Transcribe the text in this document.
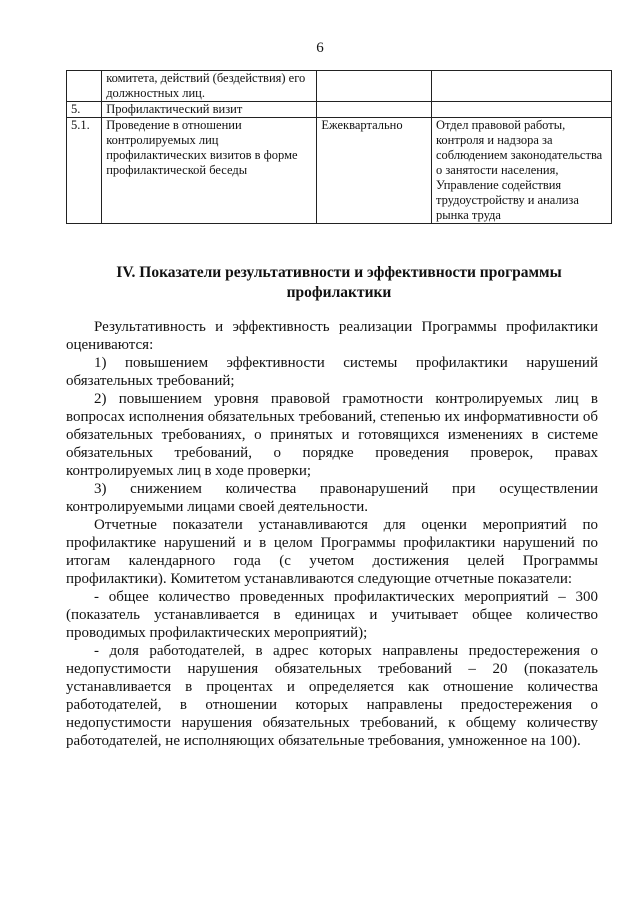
6
	комитета, действий (бездействия) его должностных лиц.		
5.	Профилактический визит		
5.1.	Проведение в отношении контролируемых лиц профилактических визитов в форме профилактической беседы	Ежеквартально	Отдел правовой работы, контроля и надзора за соблюдением законодательства о занятости населения,
Управление содействия трудоустройству и анализа рынка труда
IV. Показатели результативности и эффективности программы профилактики

Результативность и эффективность реализации Программы профилактики оцениваются:

1) повышением эффективности системы профилактики нарушений обязательных требований;

2) повышением уровня правовой грамотности контролируемых лиц в вопросах исполнения обязательных требований, степенью их информативности об обязательных требованиях, о принятых и готовящихся изменениях в системе обязательных требований, о порядке проведения проверок, правах контролируемых лиц в ходе проверки;

3) снижением количества правонарушений при осуществлении контролируемыми лицами своей деятельности.

Отчетные показатели устанавливаются для оценки мероприятий по профилактике нарушений и в целом Программы профилактики нарушений по итогам календарного года (с учетом достижения целей Программы профилактики). Комитетом устанавливаются следующие отчетные показатели:

- общее количество проведенных профилактических мероприятий – 300 (показатель устанавливается в единицах и учитывает общее количество проводимых профилактических мероприятий);

- доля работодателей, в адрес которых направлены предостережения о недопустимости нарушения обязательных требований – 20 (показатель устанавливается в процентах и определяется как отношение количества работодателей, в отношении которых направлены предостережения о недопустимости нарушения обязательных требований, к общему количеству работодателей, не исполняющих обязательные требования, умноженное на 100).
